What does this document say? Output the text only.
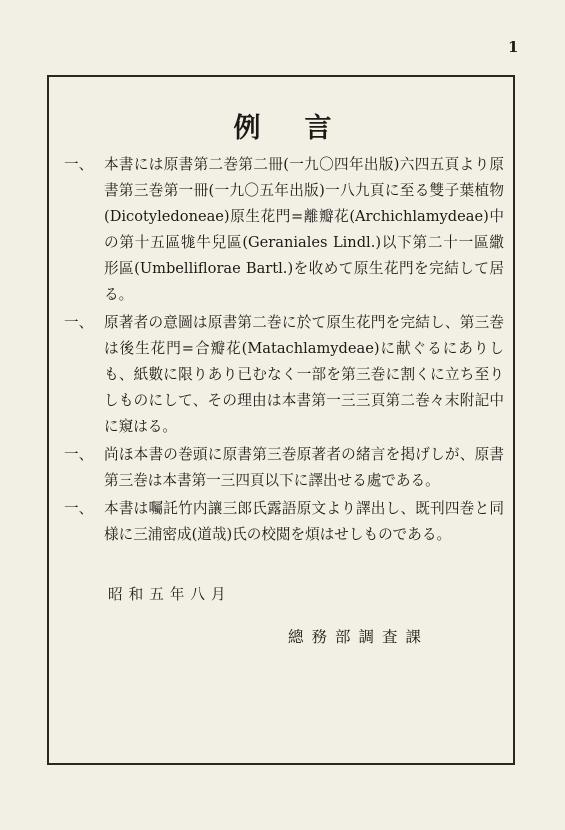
1
例言
一、 本書には原書第二巻第二冊(一九〇四年出版)六四五頁より原書第三巻第一冊(一九〇五年出版)一八九頁に至る雙子葉植物(Dicotyledoneae)原生花門=離瓣花(Archichlamydeae)中の第十五區牻牛兒區(Geraniales Lindl.)以下第二十一區繖形區(Umbelliflorae Bartl.)を收めて原生花門を完結して居る。
一、 原著者の意圖は原書第二巻に於て原生花門を完結し、第三巻は後生花門=合瓣花(Matachlamydeae)に献ぐるにありしも、紙數に限りあり已むなく一部を第三巻に割くに立ち至りしものにして、その理由は本書第一三三頁第二巻々末附記中に窺はる。
一、 尚ほ本書の巻頭に原書第三巻原著者の緒言を掲げしが、原書第三巻は本書第一三四頁以下に譯出せる處である。
一、 本書は囑託竹内讓三郎氏露語原文より譯出し、既刊四巻と同様に三浦密成(道哉)氏の校閲を煩はせしものである。
昭和五年八月
總務部調査課
